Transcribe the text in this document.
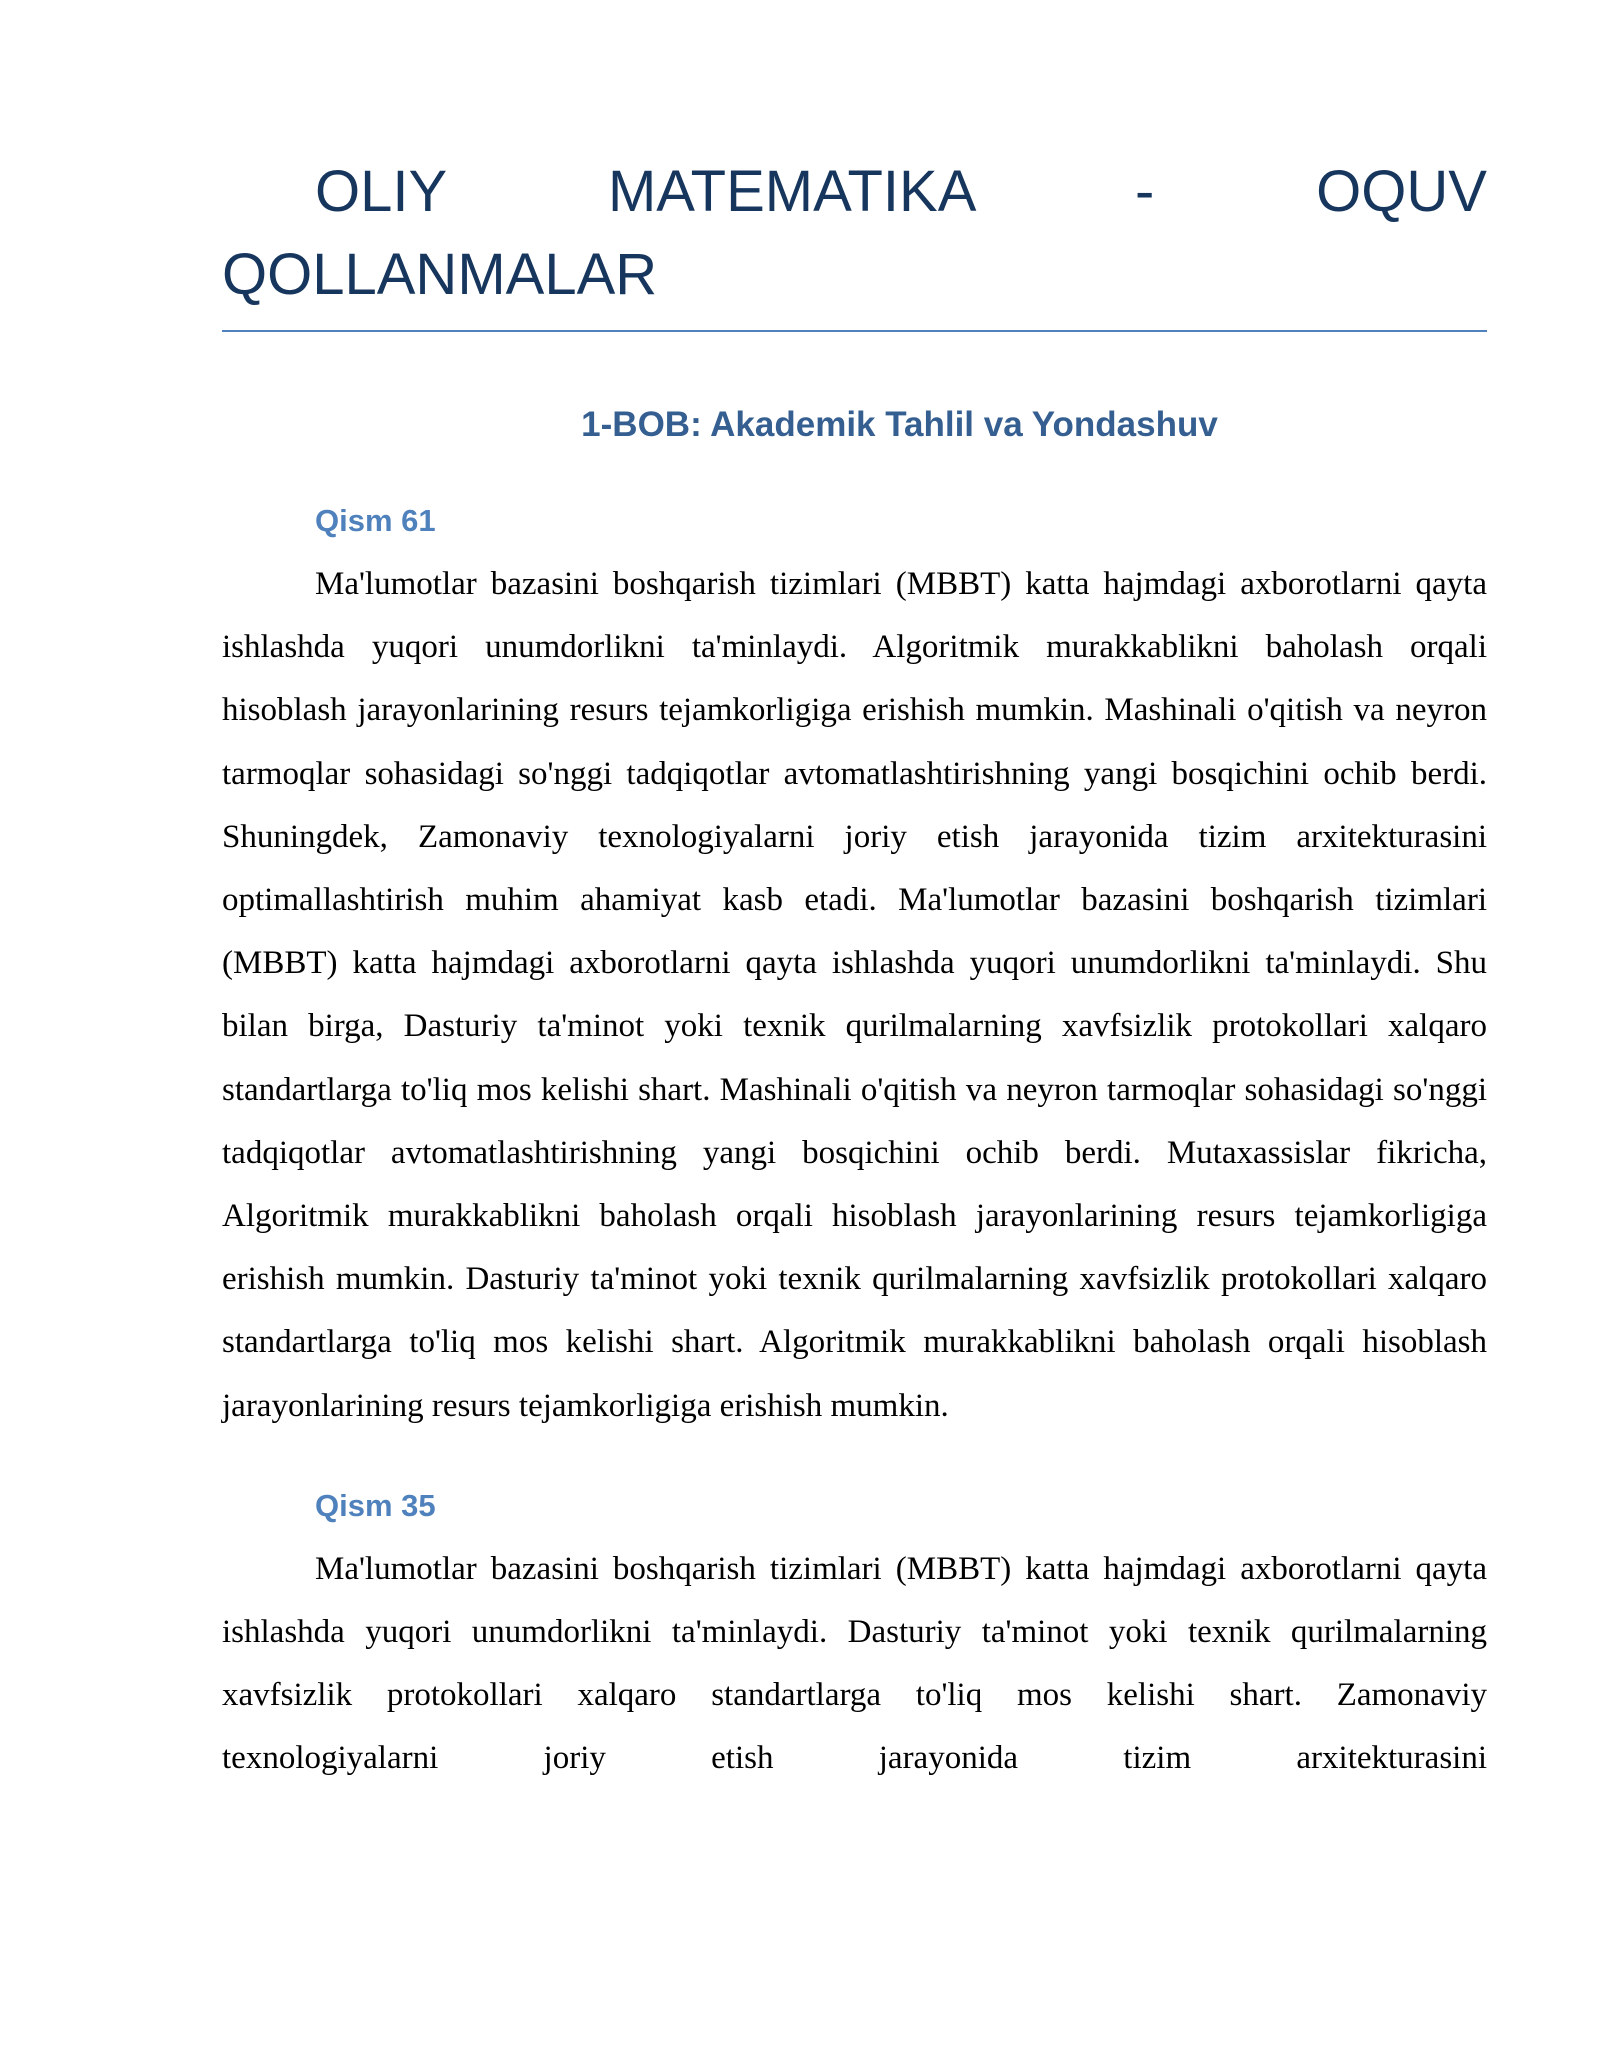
OLIY MATEMATIKA - OQUV QOLLANMALAR
1-BOB: Akademik Tahlil va Yondashuv
Qism 61

Ma'lumotlar bazasini boshqarish tizimlari (MBBT) katta hajmdagi axborotlarni qayta ishlashda yuqori unumdorlikni ta'minlaydi. Algoritmik murakkablikni baholash orqali hisoblash jarayonlarining resurs tejamkorligiga erishish mumkin. Mashinali o'qitish va neyron tarmoqlar sohasidagi so'nggi tadqiqotlar avtomatlashtirishning yangi bosqichini ochib berdi. Shuningdek, Zamonaviy texnologiyalarni joriy etish jarayonida tizim arxitekturasini optimallashtirish muhim ahamiyat kasb etadi. Ma'lumotlar bazasini boshqarish tizimlari (MBBT) katta hajmdagi axborotlarni qayta ishlashda yuqori unumdorlikni ta'minlaydi. Shu bilan birga, Dasturiy ta'minot yoki texnik qurilmalarning xavfsizlik protokollari xalqaro standartlarga to'liq mos kelishi shart. Mashinali o'qitish va neyron tarmoqlar sohasidagi so'nggi tadqiqotlar avtomatlashtirishning yangi bosqichini ochib berdi. Mutaxassislar fikricha, Algoritmik murakkablikni baholash orqali hisoblash jarayonlarining resurs tejamkorligiga erishish mumkin. Dasturiy ta'minot yoki texnik qurilmalarning xavfsizlik protokollari xalqaro standartlarga to'liq mos kelishi shart. Algoritmik murakkablikni baholash orqali hisoblash jarayonlarining resurs tejamkorligiga erishish mumkin.

Qism 35

Ma'lumotlar bazasini boshqarish tizimlari (MBBT) katta hajmdagi axborotlarni qayta ishlashda yuqori unumdorlikni ta'minlaydi. Dasturiy ta'minot yoki texnik qurilmalarning xavfsizlik protokollari xalqaro standartlarga to'liq mos kelishi shart. Zamonaviy texnologiyalarni joriy etish jarayonida tizim arxitekturasini
